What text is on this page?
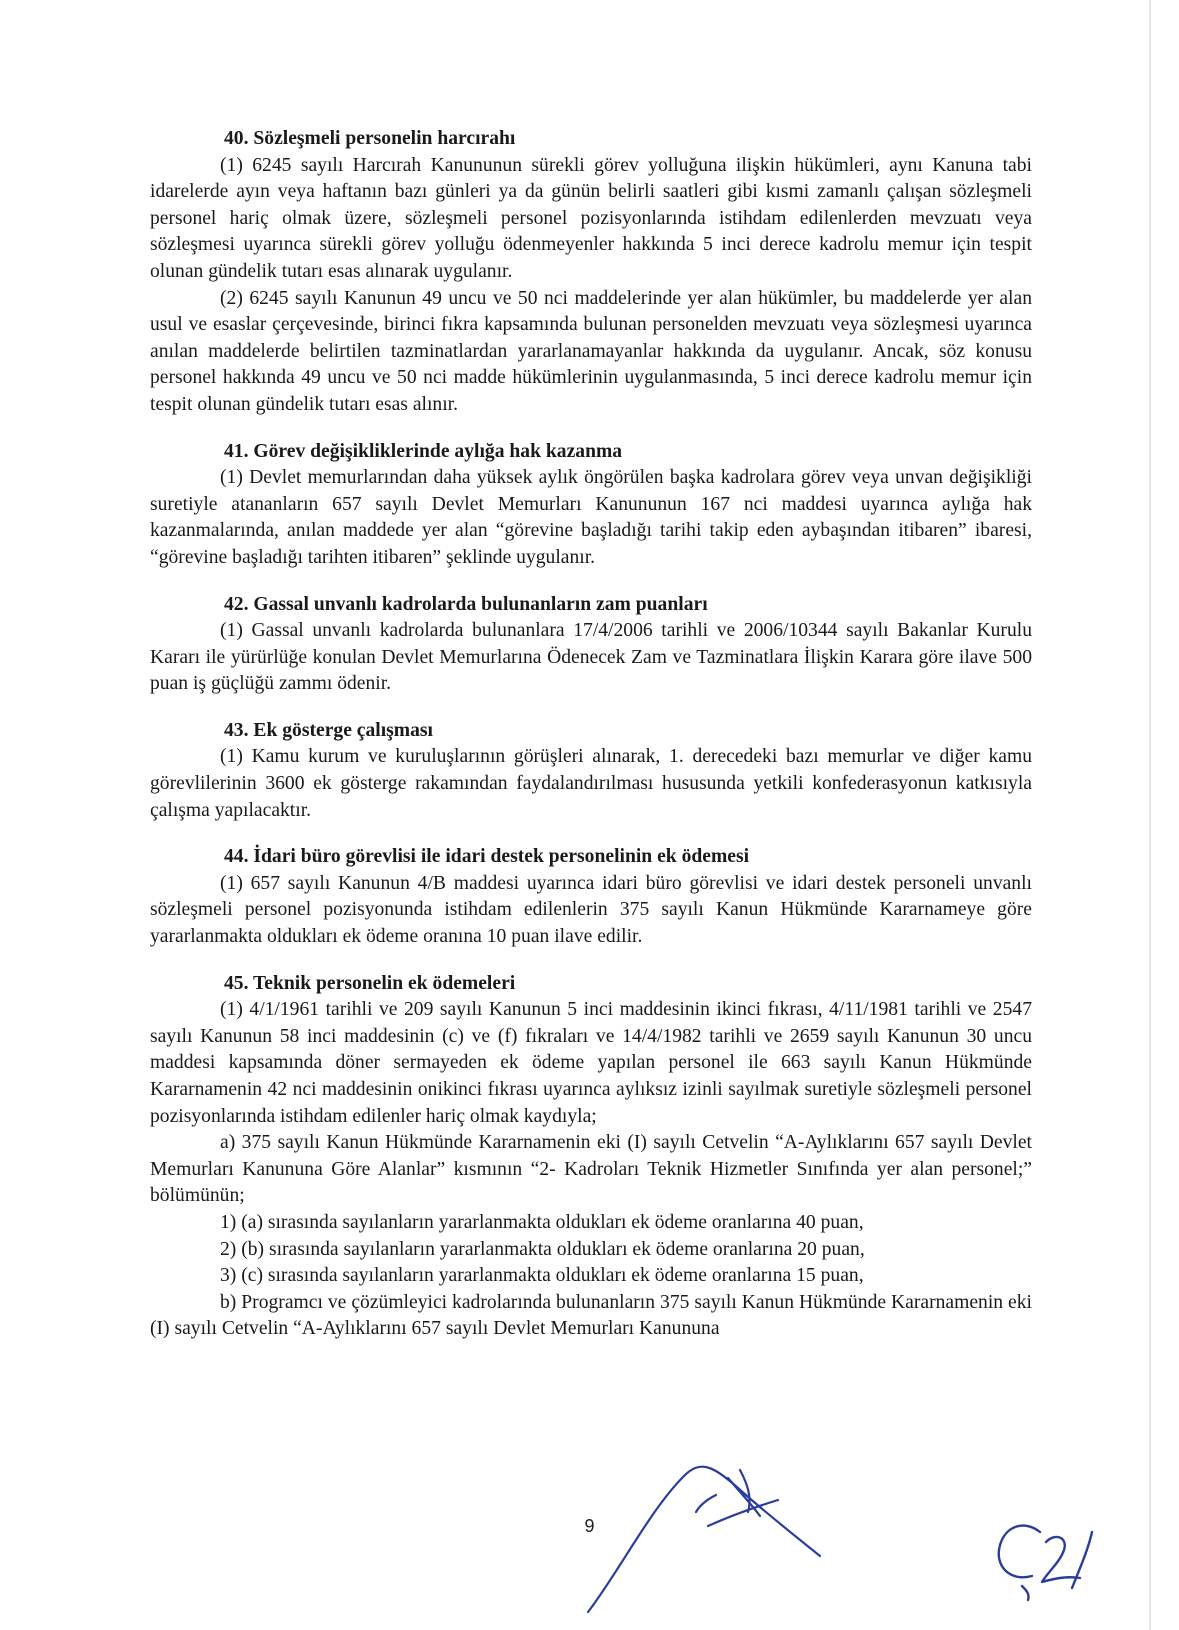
40. Sözleşmeli personelin harcırahı

(1) 6245 sayılı Harcırah Kanununun sürekli görev yolluğuna ilişkin hükümleri, aynı Kanuna tabi idarelerde ayın veya haftanın bazı günleri ya da günün belirli saatleri gibi kısmi zamanlı çalışan sözleşmeli personel hariç olmak üzere, sözleşmeli personel pozisyonlarında istihdam edilenlerden mevzuatı veya sözleşmesi uyarınca sürekli görev yolluğu ödenmeyenler hakkında 5 inci derece kadrolu memur için tespit olunan gündelik tutarı esas alınarak uygulanır.

(2) 6245 sayılı Kanunun 49 uncu ve 50 nci maddelerinde yer alan hükümler, bu maddelerde yer alan usul ve esaslar çerçevesinde, birinci fıkra kapsamında bulunan personelden mevzuatı veya sözleşmesi uyarınca anılan maddelerde belirtilen tazminatlardan yararlanamayanlar hakkında da uygulanır. Ancak, söz konusu personel hakkında 49 uncu ve 50 nci madde hükümlerinin uygulanmasında, 5 inci derece kadrolu memur için tespit olunan gündelik tutarı esas alınır.

41. Görev değişikliklerinde aylığa hak kazanma

(1) Devlet memurlarından daha yüksek aylık öngörülen başka kadrolara görev veya unvan değişikliği suretiyle atananların 657 sayılı Devlet Memurları Kanununun 167 nci maddesi uyarınca aylığa hak kazanmalarında, anılan maddede yer alan “görevine başladığı tarihi takip eden aybaşından itibaren” ibaresi, “görevine başladığı tarihten itibaren” şeklinde uygulanır.

42. Gassal unvanlı kadrolarda bulunanların zam puanları

(1) Gassal unvanlı kadrolarda bulunanlara 17/4/2006 tarihli ve 2006/10344 sayılı Bakanlar Kurulu Kararı ile yürürlüğe konulan Devlet Memurlarına Ödenecek Zam ve Tazminatlara İlişkin Karara göre ilave 500 puan iş güçlüğü zammı ödenir.

43. Ek gösterge çalışması

(1) Kamu kurum ve kuruluşlarının görüşleri alınarak, 1. derecedeki bazı memurlar ve diğer kamu görevlilerinin 3600 ek gösterge rakamından faydalandırılması hususunda yetkili konfederasyonun katkısıyla çalışma yapılacaktır.

44. İdari büro görevlisi ile idari destek personelinin ek ödemesi

(1) 657 sayılı Kanunun 4/B maddesi uyarınca idari büro görevlisi ve idari destek personeli unvanlı sözleşmeli personel pozisyonunda istihdam edilenlerin 375 sayılı Kanun Hükmünde Kararnameye göre yararlanmakta oldukları ek ödeme oranına 10 puan ilave edilir.

45. Teknik personelin ek ödemeleri

(1) 4/1/1961 tarihli ve 209 sayılı Kanunun 5 inci maddesinin ikinci fıkrası, 4/11/1981 tarihli ve 2547 sayılı Kanunun 58 inci maddesinin (c) ve (f) fıkraları ve 14/4/1982 tarihli ve 2659 sayılı Kanunun 30 uncu maddesi kapsamında döner sermayeden ek ödeme yapılan personel ile 663 sayılı Kanun Hükmünde Kararnamenin 42 nci maddesinin onikinci fıkrası uyarınca aylıksız izinli sayılmak suretiyle sözleşmeli personel pozisyonlarında istihdam edilenler hariç olmak kaydıyla;

a) 375 sayılı Kanun Hükmünde Kararnamenin eki (I) sayılı Cetvelin “A-Aylıklarını 657 sayılı Devlet Memurları Kanununa Göre Alanlar” kısmının “2- Kadroları Teknik Hizmetler Sınıfında yer alan personel;” bölümünün;

1) (a) sırasında sayılanların yararlanmakta oldukları ek ödeme oranlarına 40 puan,

2) (b) sırasında sayılanların yararlanmakta oldukları ek ödeme oranlarına 20 puan,

3) (c) sırasında sayılanların yararlanmakta oldukları ek ödeme oranlarına 15 puan,

b) Programcı ve çözümleyici kadrolarında bulunanların 375 sayılı Kanun Hükmünde Kararnamenin eki (I) sayılı Cetvelin “A-Aylıklarını 657 sayılı Devlet Memurları Kanununa

9
